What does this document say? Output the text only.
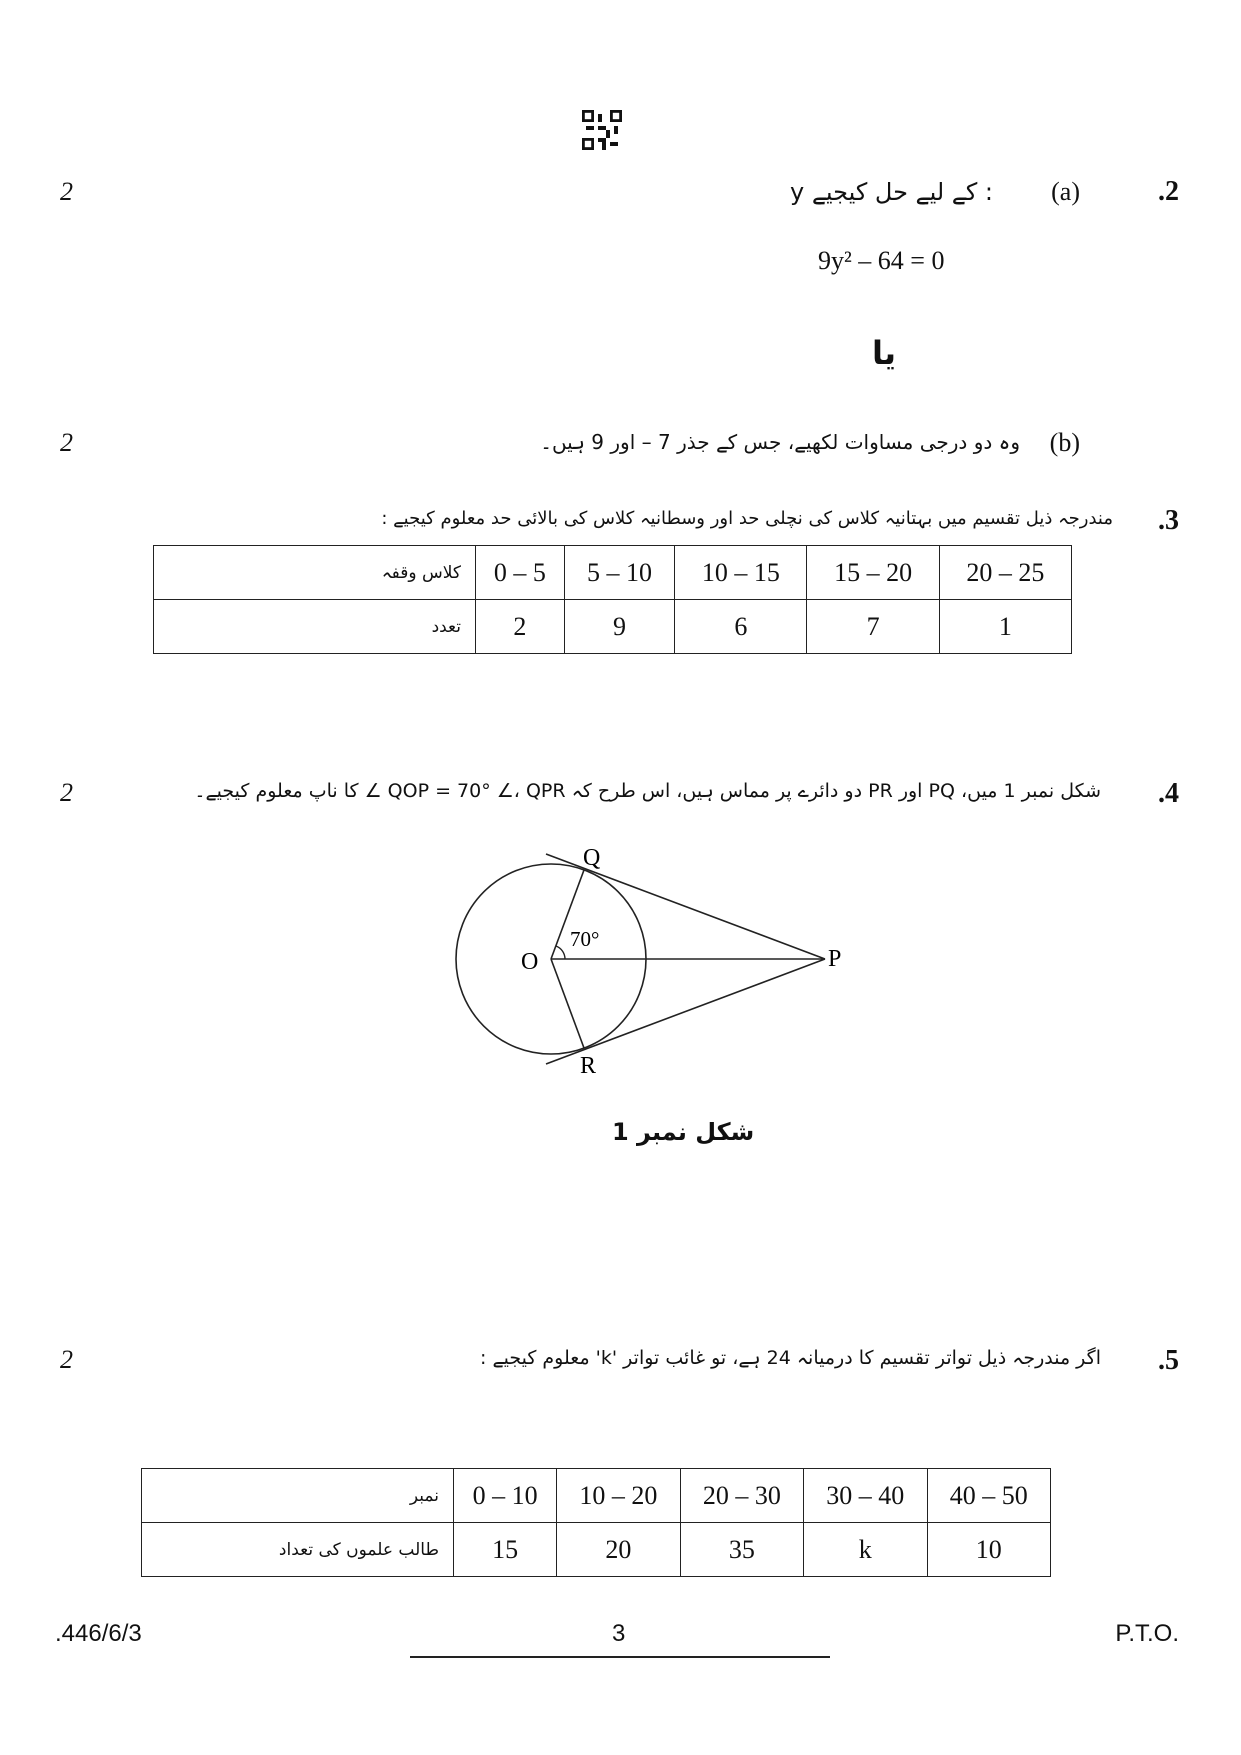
2	.2
(a)
y کے لیے حل کیجیے :
9y² – 64 = 0
یا
2	(b)
وہ دو درجی مساوات لکھیے، جس کے جذر 7 – اور 9 ہیں۔
.3
مندرجہ ذیل تقسیم میں بہتانیہ کلاس کی نچلی حد اور وسطانیہ کلاس کی بالائی حد معلوم کیجیے :
کلاس وقفہ	0 – 5	5 – 10	10 – 15	15 – 20	20 – 25
تعدد	2	9	6	7	1
2	.4
شکل نمبر 1 میں، PQ اور PR دو دائرے پر مماس ہیں، اس طرح کہ QOP = 70° ∠، QPR ∠ کا ناپ معلوم کیجیے۔
Q
O	P
R
70°
شکل نمبر 1
2	.5
اگر مندرجہ ذیل تواتر تقسیم کا درمیانہ 24 ہے، تو غائب تواتر 'k' معلوم کیجیے :
نمبر	0 – 10	10 – 20	20 – 30	30 – 40	40 – 50
طالب علموں کی تعداد	15	20	35	k	10
.446/6/3	3	P.T.O.
